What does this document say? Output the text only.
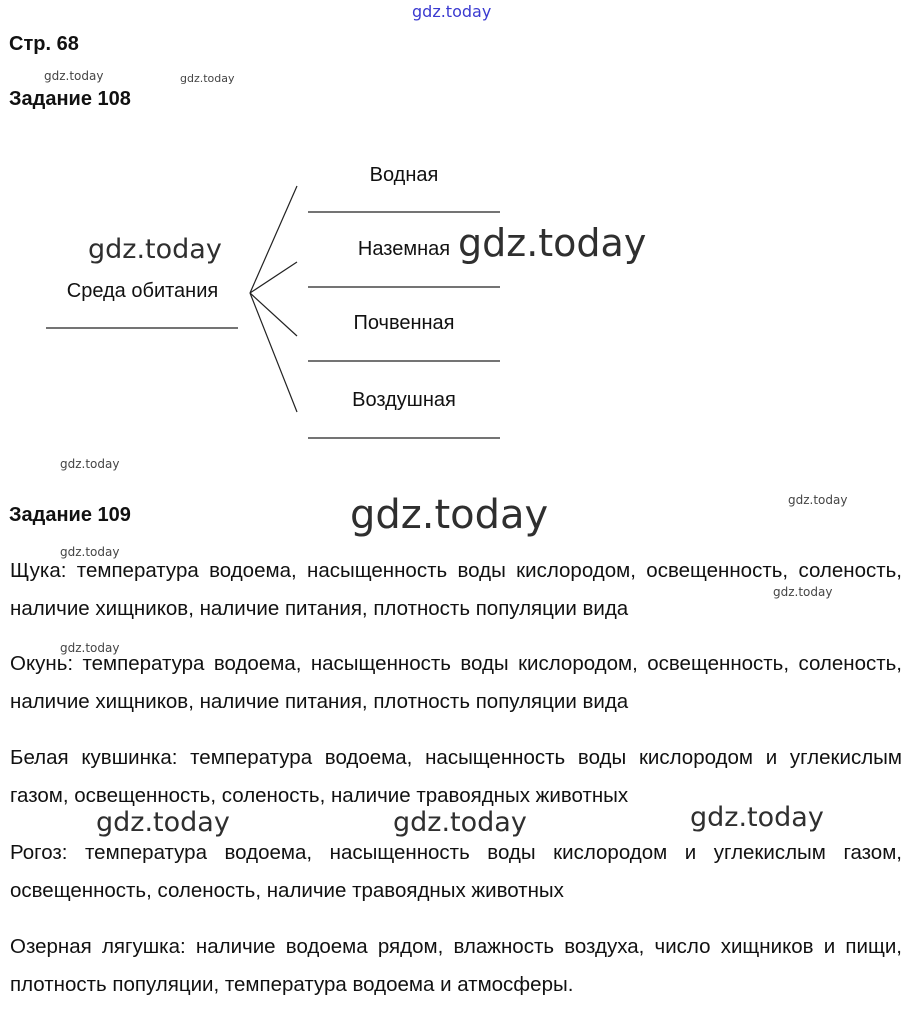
Стр. 68
Задание 108
Среда обитания
Водная
Наземная
Почвенная
Воздушная
Задание 109
Щука: температура водоема, насыщенность воды кислородом, освещенность, соленость, наличие хищников, наличие питания, плотность популяции вида
Окунь: температура водоема, насыщенность воды кислородом, освещенность, соленость, наличие хищников, наличие питания, плотность популяции вида
Белая кувшинка: температура водоема, насыщенность воды кислородом и углекислым газом, освещенность, соленость, наличие травоядных животных
Рогоз: температура водоема, насыщенность воды кислородом и углекислым газом, освещенность, соленость, наличие травоядных животных
Озерная лягушка: наличие водоема рядом, влажность воздуха, число хищников и пищи, плотность популяции, температура водоема и атмосферы.
gdz.today
gdz.today	gdz.today
gdz.today	gdz.today
gdz.today
gdz.today	gdz.today
gdz.today
gdz.today
gdz.today
gdz.today	gdz.today	gdz.today
